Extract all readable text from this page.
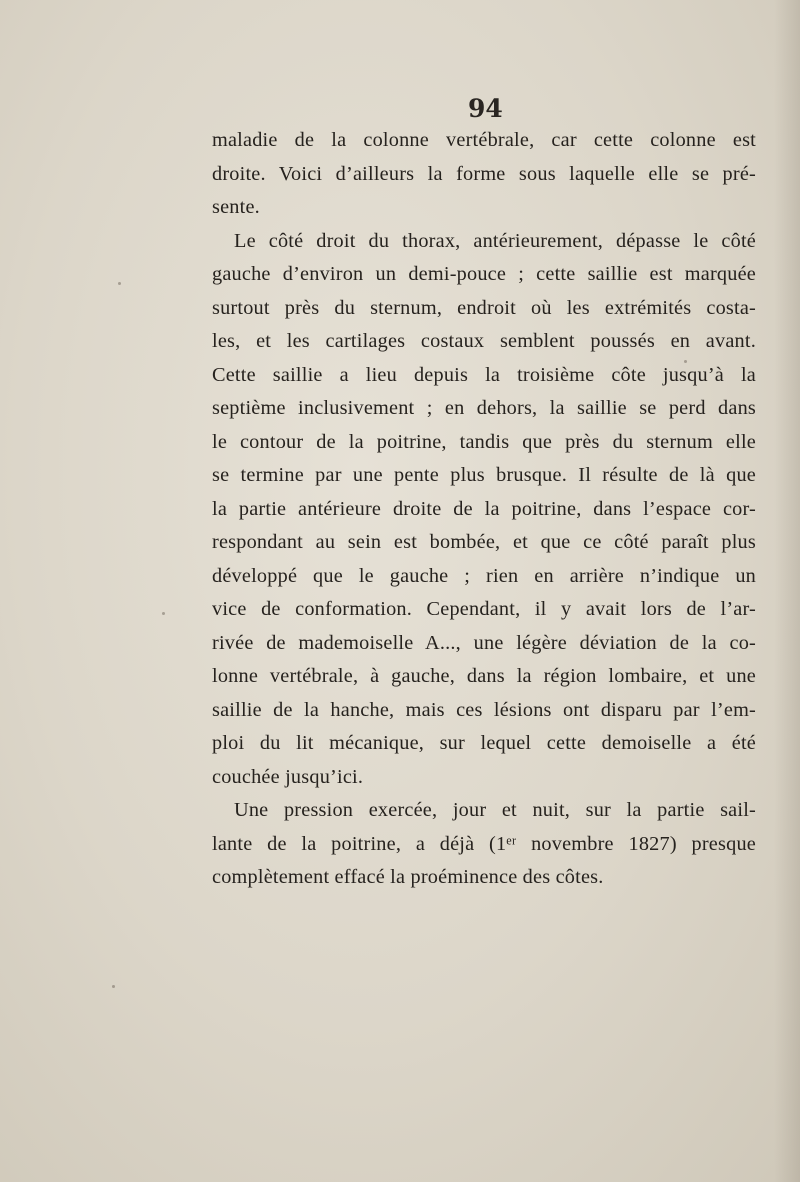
94
maladie de la colonne vertébrale, car cette colonne est
droite. Voici d’ailleurs la forme sous laquelle elle se pré-
sente.
Le côté droit du thorax, antérieurement, dépasse le côté
gauche d’environ un demi-pouce ; cette saillie est marquée
surtout près du sternum, endroit où les extrémités costa-
les, et les cartilages costaux semblent poussés en avant.
Cette saillie a lieu depuis la troisième côte jusqu’à la
septième inclusivement ; en dehors, la saillie se perd dans
le contour de la poitrine, tandis que près du sternum elle
se termine par une pente plus brusque. Il résulte de là que
la partie antérieure droite de la poitrine, dans l’espace cor-
respondant au sein est bombée, et que ce côté paraît plus
développé que le gauche ; rien en arrière n’indique un
vice de conformation. Cependant, il y avait lors de l’ar-
rivée de mademoiselle A..., une légère déviation de la co-
lonne vertébrale, à gauche, dans la région lombaire, et une
saillie de la hanche, mais ces lésions ont disparu par l’em-
ploi du lit mécanique, sur lequel cette demoiselle a été
couchée jusqu’ici.
Une pression exercée, jour et nuit, sur la partie sail-
lante de la poitrine, a déjà (1ᵉʳ novembre 1827) presque
complètement effacé la proéminence des côtes.
